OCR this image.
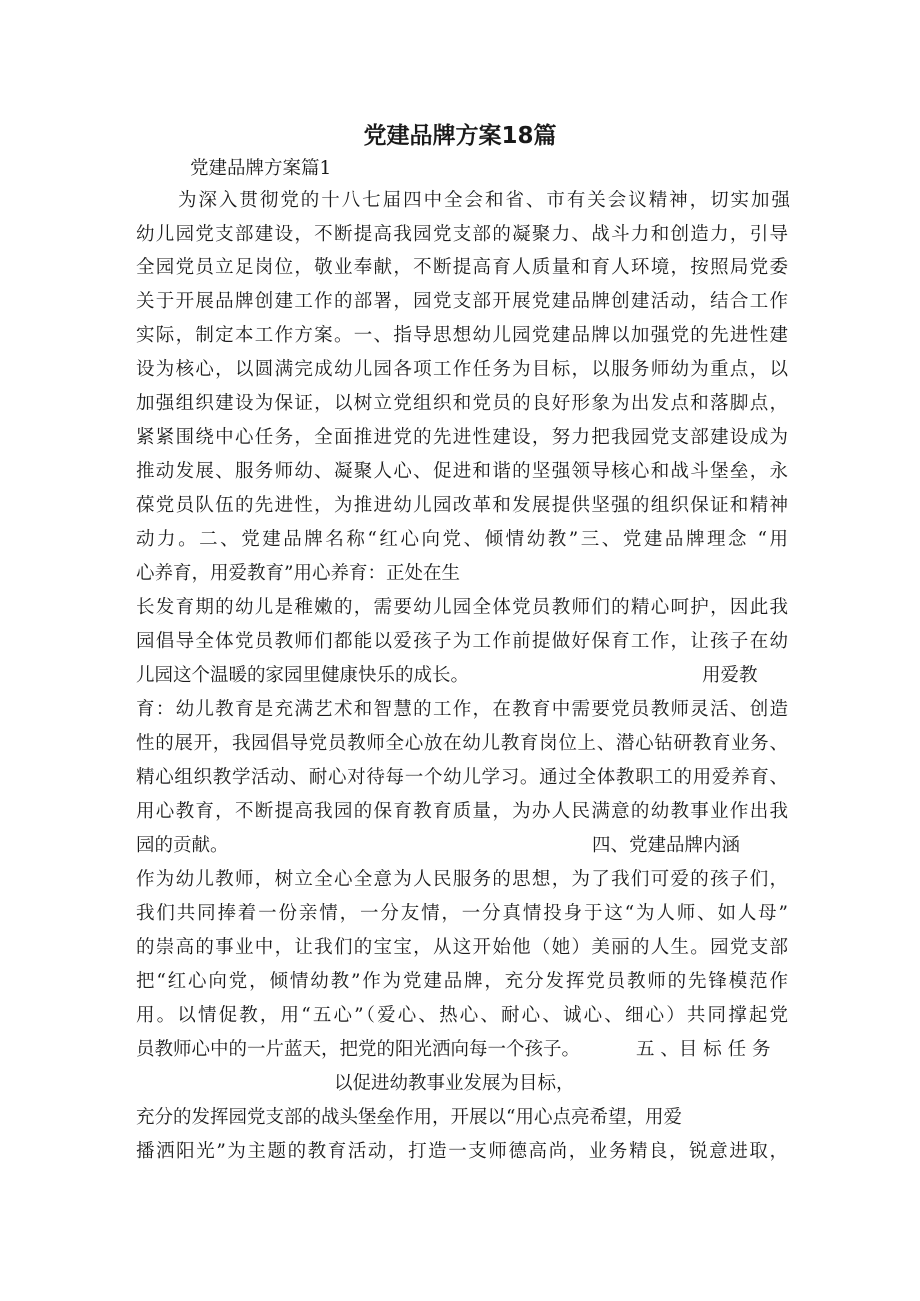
党建品牌方案18篇
党建品牌方案篇1
为深入贯彻党的十八七届四中全会和省、市有关会议精神，切实加强
幼儿园党支部建设，不断提高我园党支部的凝聚力、战斗力和创造力，引导
全园党员立足岗位，敬业奉献，不断提高育人质量和育人环境，按照局党委
关于开展品牌创建工作的部署，园党支部开展党建品牌创建活动，结合工作
实际，制定本工作方案。一、指导思想幼儿园党建品牌以加强党的先进性建
设为核心，以圆满完成幼儿园各项工作任务为目标，以服务师幼为重点，以
加强组织建设为保证，以树立党组织和党员的良好形象为出发点和落脚点，
紧紧围绕中心任务，全面推进党的先进性建设，努力把我园党支部建设成为
推动发展、服务师幼、凝聚人心、促进和谐的坚强领导核心和战斗堡垒，永
葆党员队伍的先进性，为推进幼儿园改革和发展提供坚强的组织保证和精神
动力。二、党建品牌名称“红心向党、倾情幼教”三、党建品牌理念 “用
心养育，用爱教育”用心养育：正处在生
长发育期的幼儿是稚嫩的，需要幼儿园全体党员教师们的精心呵护，因此我
园倡导全体党员教师们都能以爱孩子为工作前提做好保育工作，让孩子在幼
儿园这个温暖的家园里健康快乐的成长。	用爱教
育：幼儿教育是充满艺术和智慧的工作，在教育中需要党员教师灵活、创造
性的展开，我园倡导党员教师全心放在幼儿教育岗位上、潜心钻研教育业务、
精心组织教学活动、耐心对待每一个幼儿学习。通过全体教职工的用爱养育、
用心教育，不断提高我园的保育教育质量，为办人民满意的幼教事业作出我
园的贡献。	四、党建品牌内涵
作为幼儿教师，树立全心全意为人民服务的思想，为了我们可爱的孩子们，
我们共同捧着一份亲情，一分友情，一分真情投身于这“为人师、如人母”
的崇高的事业中，让我们的宝宝，从这开始他（她）美丽的人生。园党支部
把“红心向党，倾情幼教”作为党建品牌，充分发挥党员教师的先锋模范作
用。以情促教，用“五心”（爱心、热心、耐心、诚心、细心）共同撑起党
员教师心中的一片蓝天，把党的阳光洒向每一个孩子。	五 、目 标 任 务
以促进幼教事业发展为目标，
充分的发挥园党支部的战头堡垒作用，开展以“用心点亮希望，用爱
播洒阳光”为主题的教育活动，打造一支师德高尚，业务精良，锐意进取，
